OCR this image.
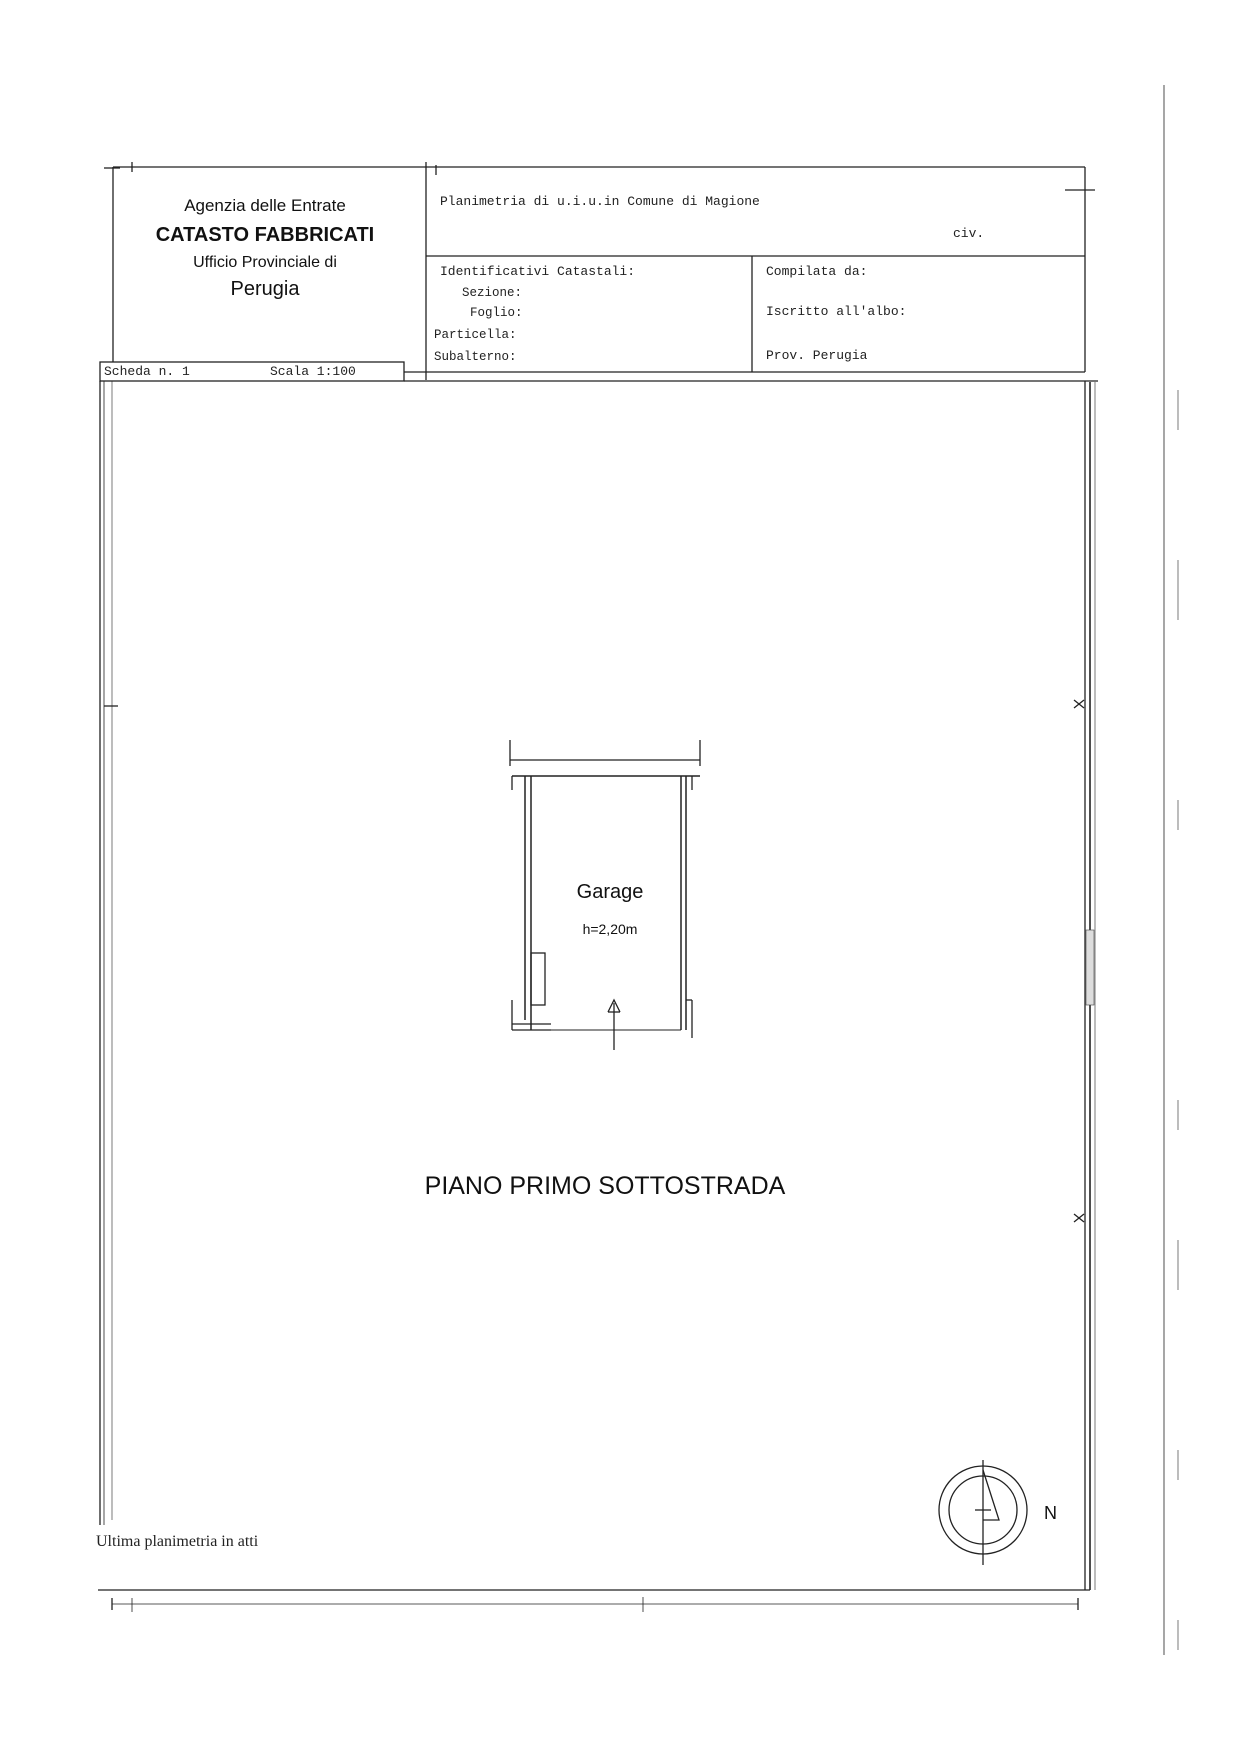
Agenzia delle Entrate
CATASTO FABBRICATI
Ufficio Provinciale di
Perugia
Planimetria di u.i.u.in Comune di Magione
civ.
Identificativi Catastali:
Sezione:
Foglio:
Particella:
Subalterno:
Compilata da:
Iscritto all'albo:
Prov. Perugia
Scheda n. 1	Scala 1:100
Garage
h=2,20m
PIANO PRIMO SOTTOSTRADA
Ultima planimetria in atti
N
